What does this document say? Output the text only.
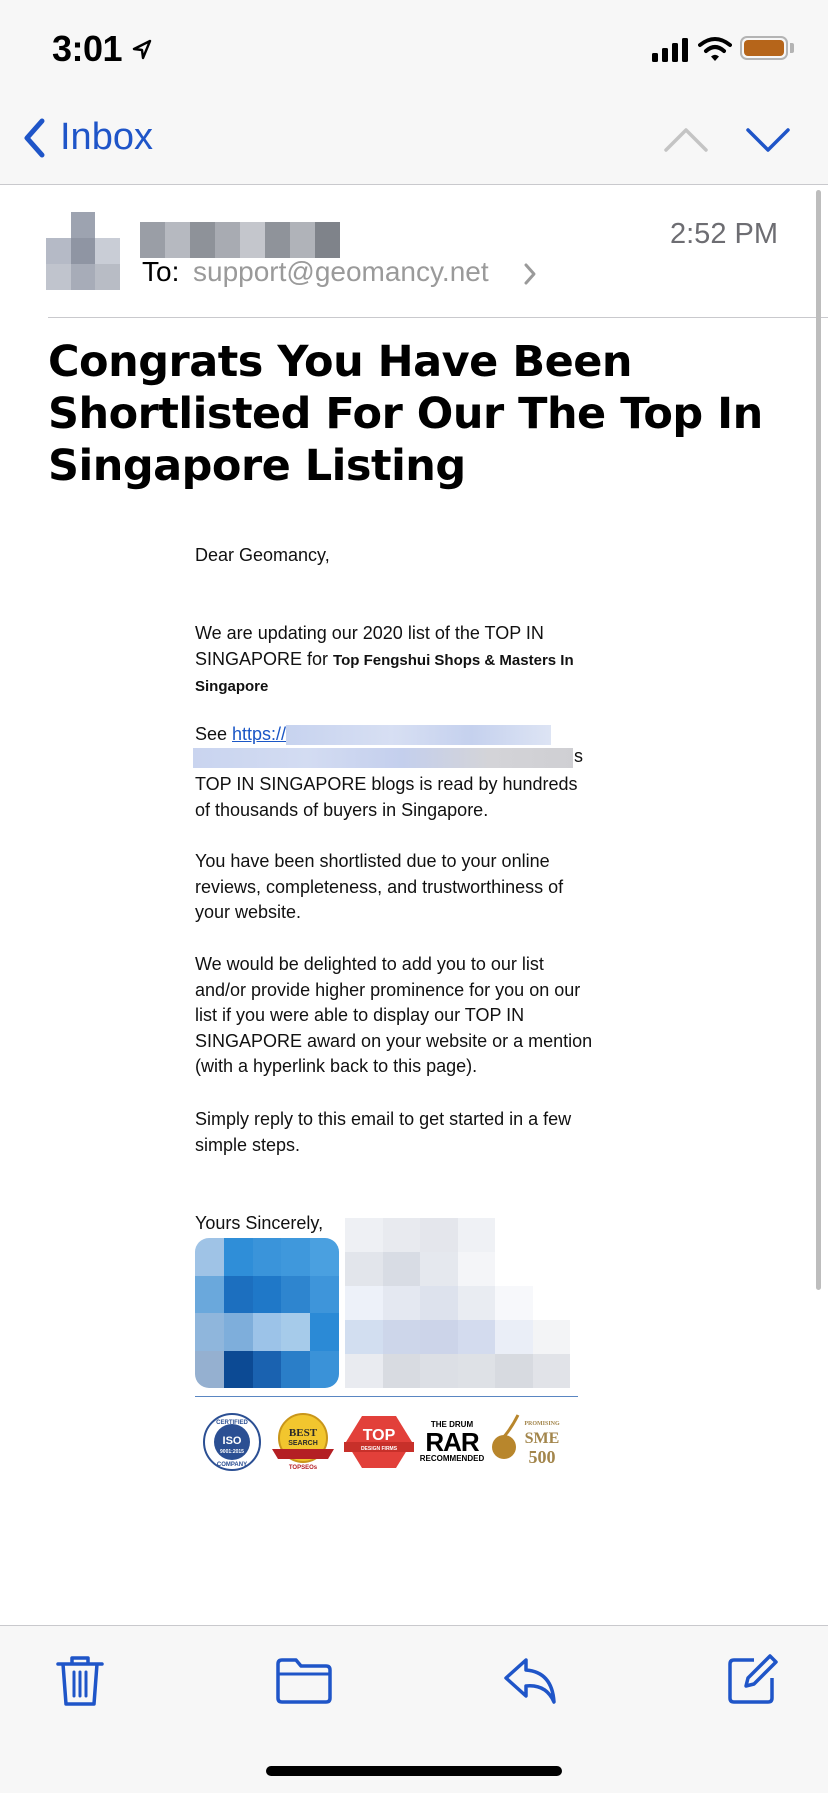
3:01
Inbox
To: support@geomancy.net
2:52 PM
Congrats You Have Been Shortlisted For Our The Top In Singapore Listing
Dear Geomancy,
We are updating our 2020 list of the TOP IN SINGAPORE for Top Fengshui Shops & Masters In Singapore
See https://
s
TOP IN SINGAPORE blogs is read by hundreds of thousands of buyers in Singapore.
You have been shortlisted due to your online reviews, completeness, and trustworthiness of your website.
We would be delighted to add you to our list and/or provide higher prominence for you on our list if you were able to display our TOP IN SINGAPORE award on your website or a mention (with a hyperlink back to this page).
Simply reply to this email to get started in a few simple steps.
Yours Sincerely,
CERTIFIED
ISO
9001:2015
COMPANY
BEST
SEARCH
TOPSEOs
TOP
DESIGN FIRMS
THE DRUM
RAR
RECOMMENDED
PROMISING
SME
500
